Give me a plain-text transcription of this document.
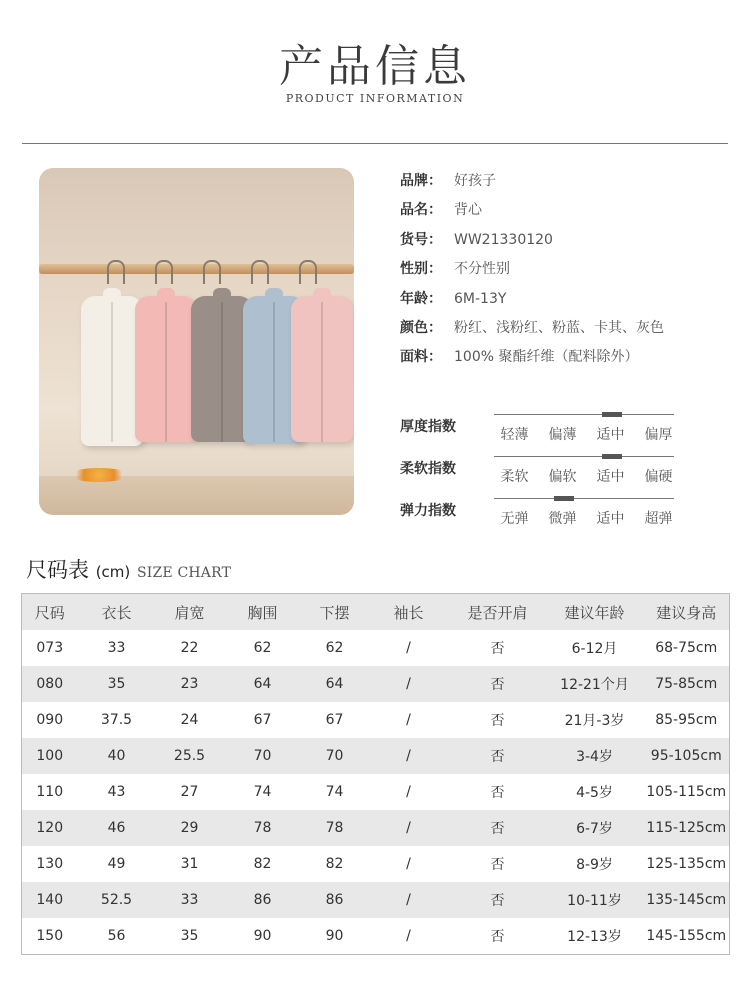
产品信息
PRODUCT INFORMATION
品牌： 好孩子
品名： 背心
货号： WW21330120
性别： 不分性别
年龄： 6M-13Y
颜色： 粉红、浅粉红、粉蓝、卡其、灰色
面料： 100% 聚酯纤维（配料除外）
厚度指数	轻薄	偏薄	适中	偏厚
柔软指数	柔软	偏软	适中	偏硬
弹力指数	无弹	微弹	适中	超弹
尺码表 (cm) SIZE CHART
尺码	衣长	肩宽	胸围	下摆	袖长	是否开肩	建议年龄	建议身高
073	33	22	62	62	/	否	6-12月	68-75cm
080	35	23	64	64	/	否	12-21个月	75-85cm
090	37.5	24	67	67	/	否	21月-3岁	85-95cm
100	40	25.5	70	70	/	否	3-4岁	95-105cm
110	43	27	74	74	/	否	4-5岁	105-115cm
120	46	29	78	78	/	否	6-7岁	115-125cm
130	49	31	82	82	/	否	8-9岁	125-135cm
140	52.5	33	86	86	/	否	10-11岁	135-145cm
150	56	35	90	90	/	否	12-13岁	145-155cm
